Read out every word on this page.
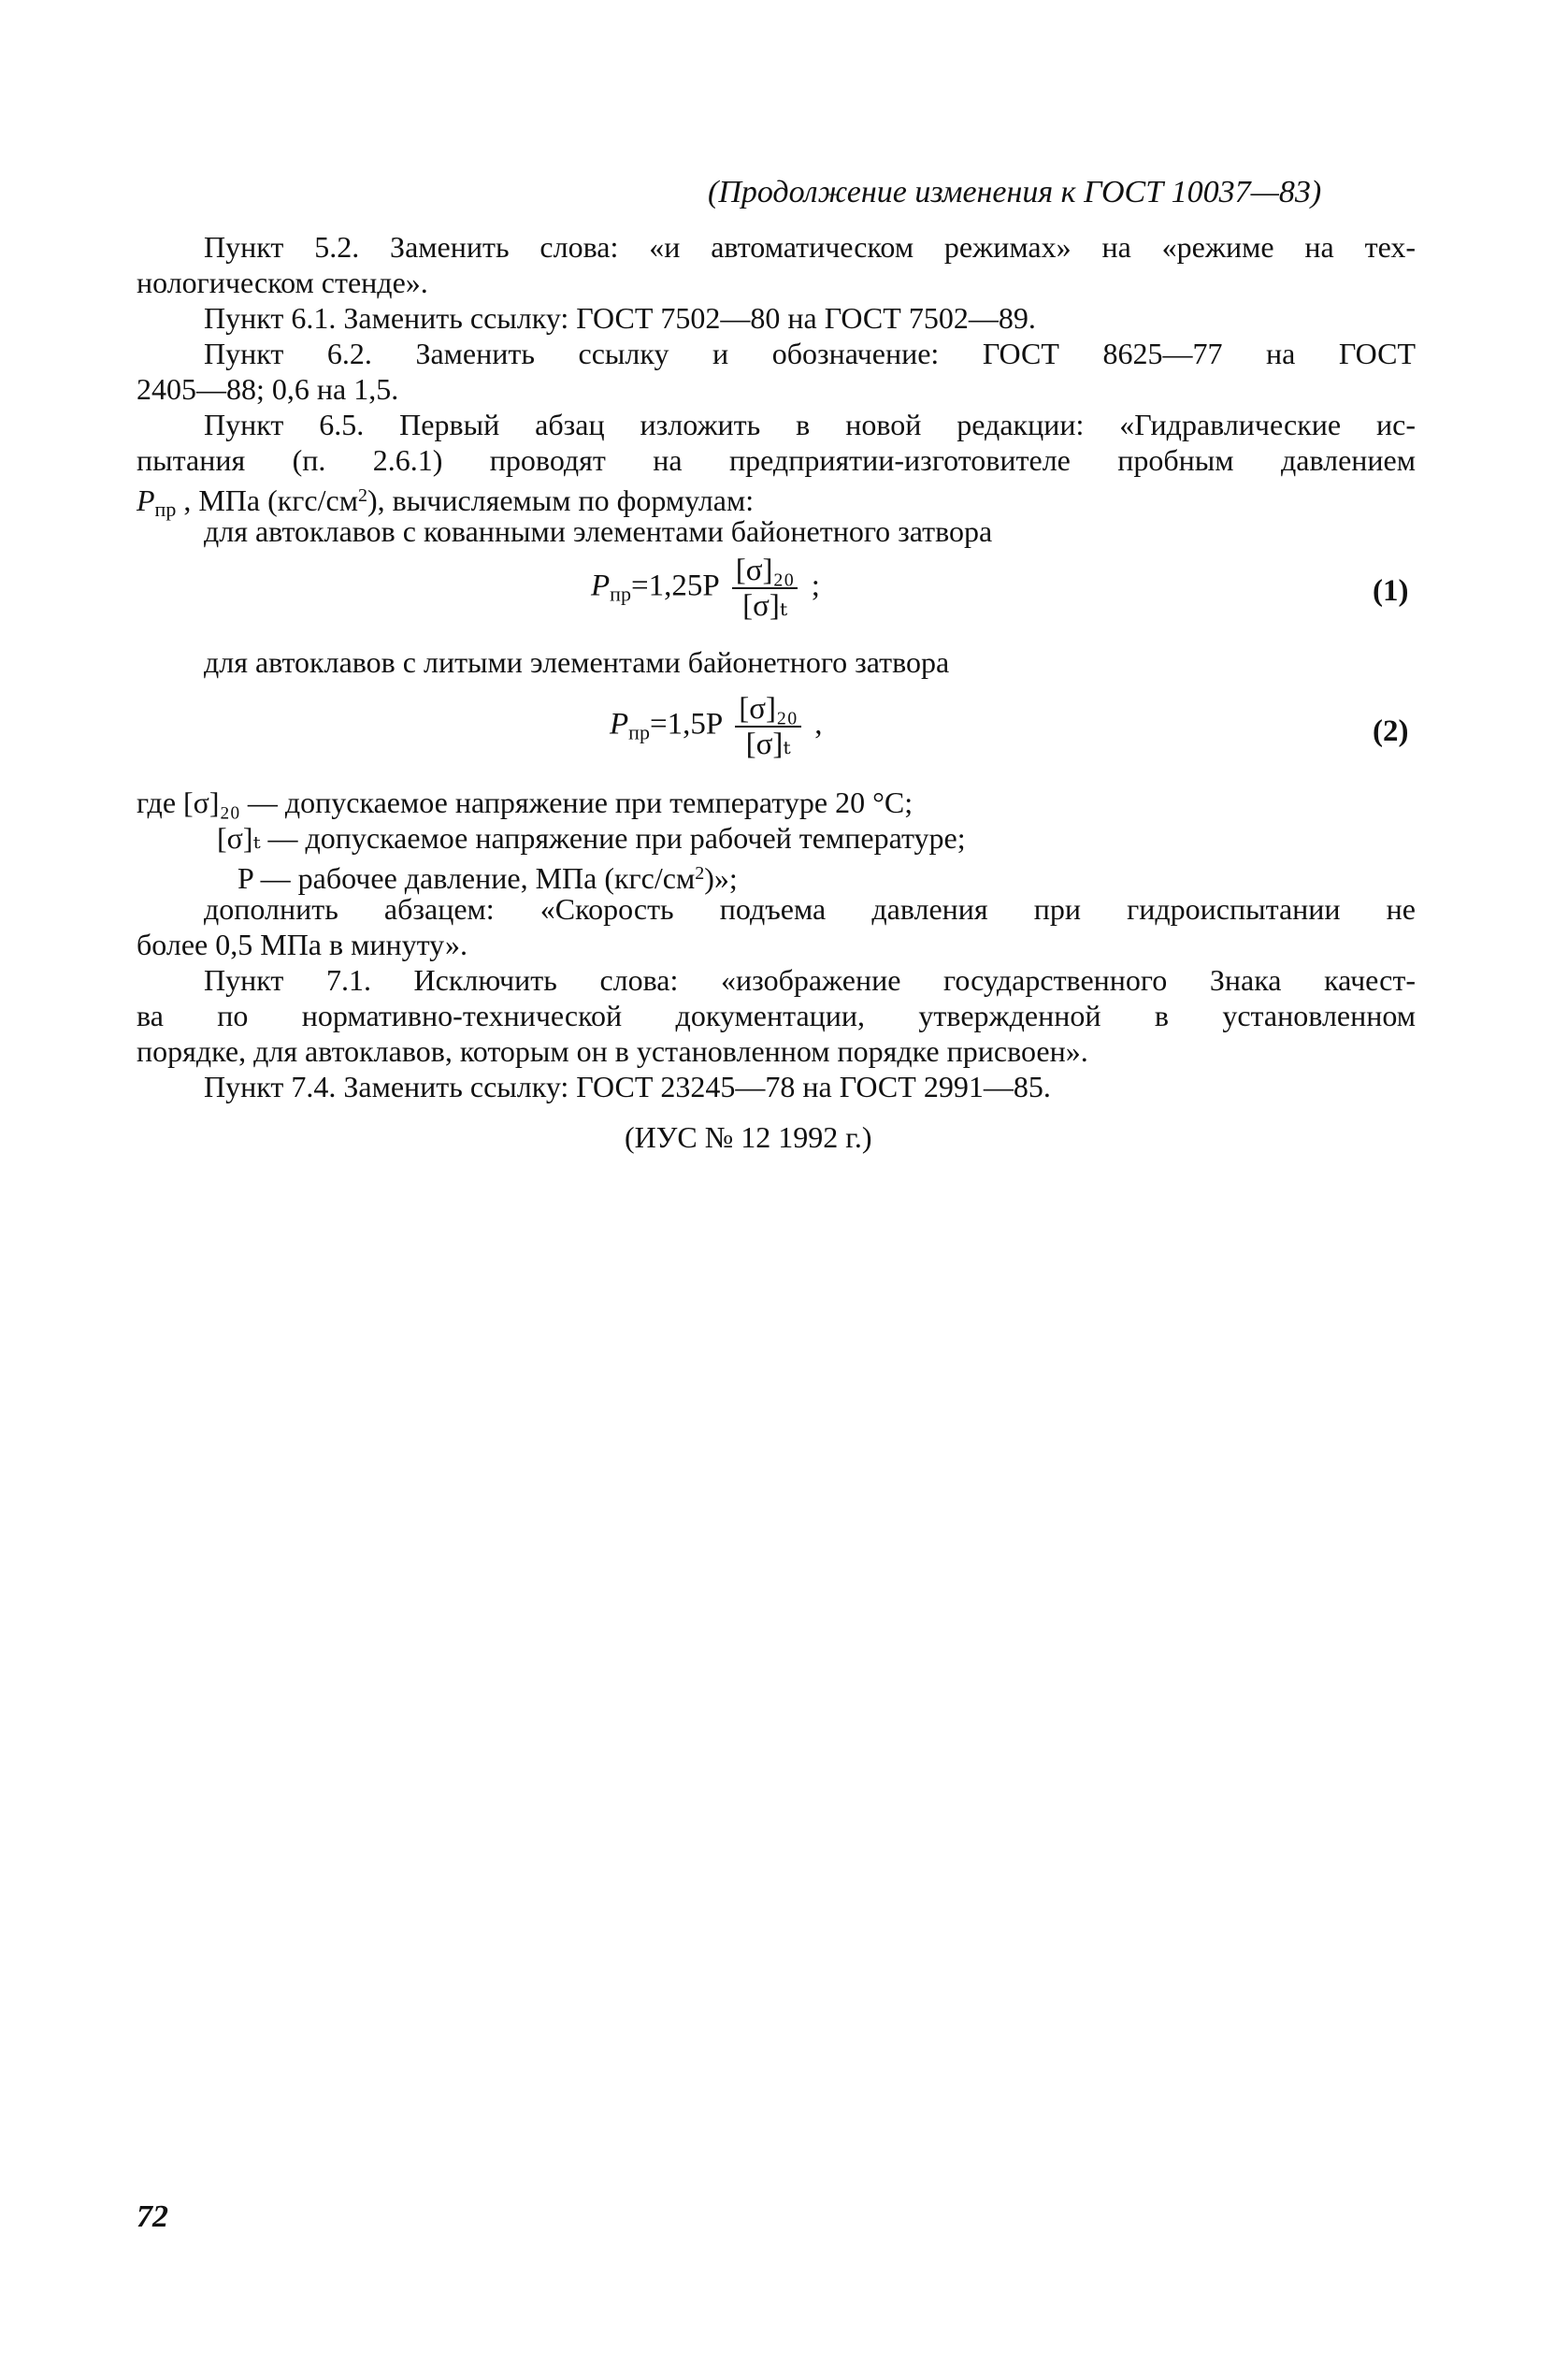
(Продолжение изменения к ГОСТ 10037—83)
Пункт 5.2. Заменить слова: «и автоматическом режимах» на «режиме на тех-
нологическом стенде».
Пункт 6.1. Заменить ссылку: ГОСТ 7502—80 на ГОСТ 7502—89.
Пункт 6.2. Заменить ссылку и обозначение: ГОСТ 8625—77 на ГОСТ
2405—88; 0,6 на 1,5.
Пункт 6.5. Первый абзац изложить в новой редакции: «Гидравлические ис-
пытания (п. 2.6.1) проводят на предприятии-изготовителе пробным давлением
$P_{пр}$ , МПа $(кгс/см^2)$, вычисляемым по формулам:
для автоклавов с кованными элементами байонетного затвора
$P_{пр}=1,25P \frac{\text{[σ]₂₀}}{\text{[σ]ₜ}}$ ;	(1)
для автоклавов с литыми элементами байонетного затвора
$P_{пр}=1,5P \frac{\text{[σ]₂₀}}{\text{[σ]ₜ}}$ ,	(2)
где [σ]₂₀ — допускаемое напряжение при температуре 20 °С;
[σ]ₜ — допускаемое напряжение при рабочей температуре;
P — рабочее давление, МПа $(кгс/см^2)$»;
дополнить абзацем: «Скорость подъема давления при гидроиспытании не
более 0,5 МПа в минуту».
Пункт 7.1. Исключить слова: «изображение государственного Знака качест-
ва по нормативно-технической документации, утвержденной в установленном
порядке, для автоклавов, которым он в установленном порядке присвоен».
Пункт 7.4. Заменить ссылку: ГОСТ 23245—78 на ГОСТ 2991—85.
(ИУС № 12 1992 г.)
72
